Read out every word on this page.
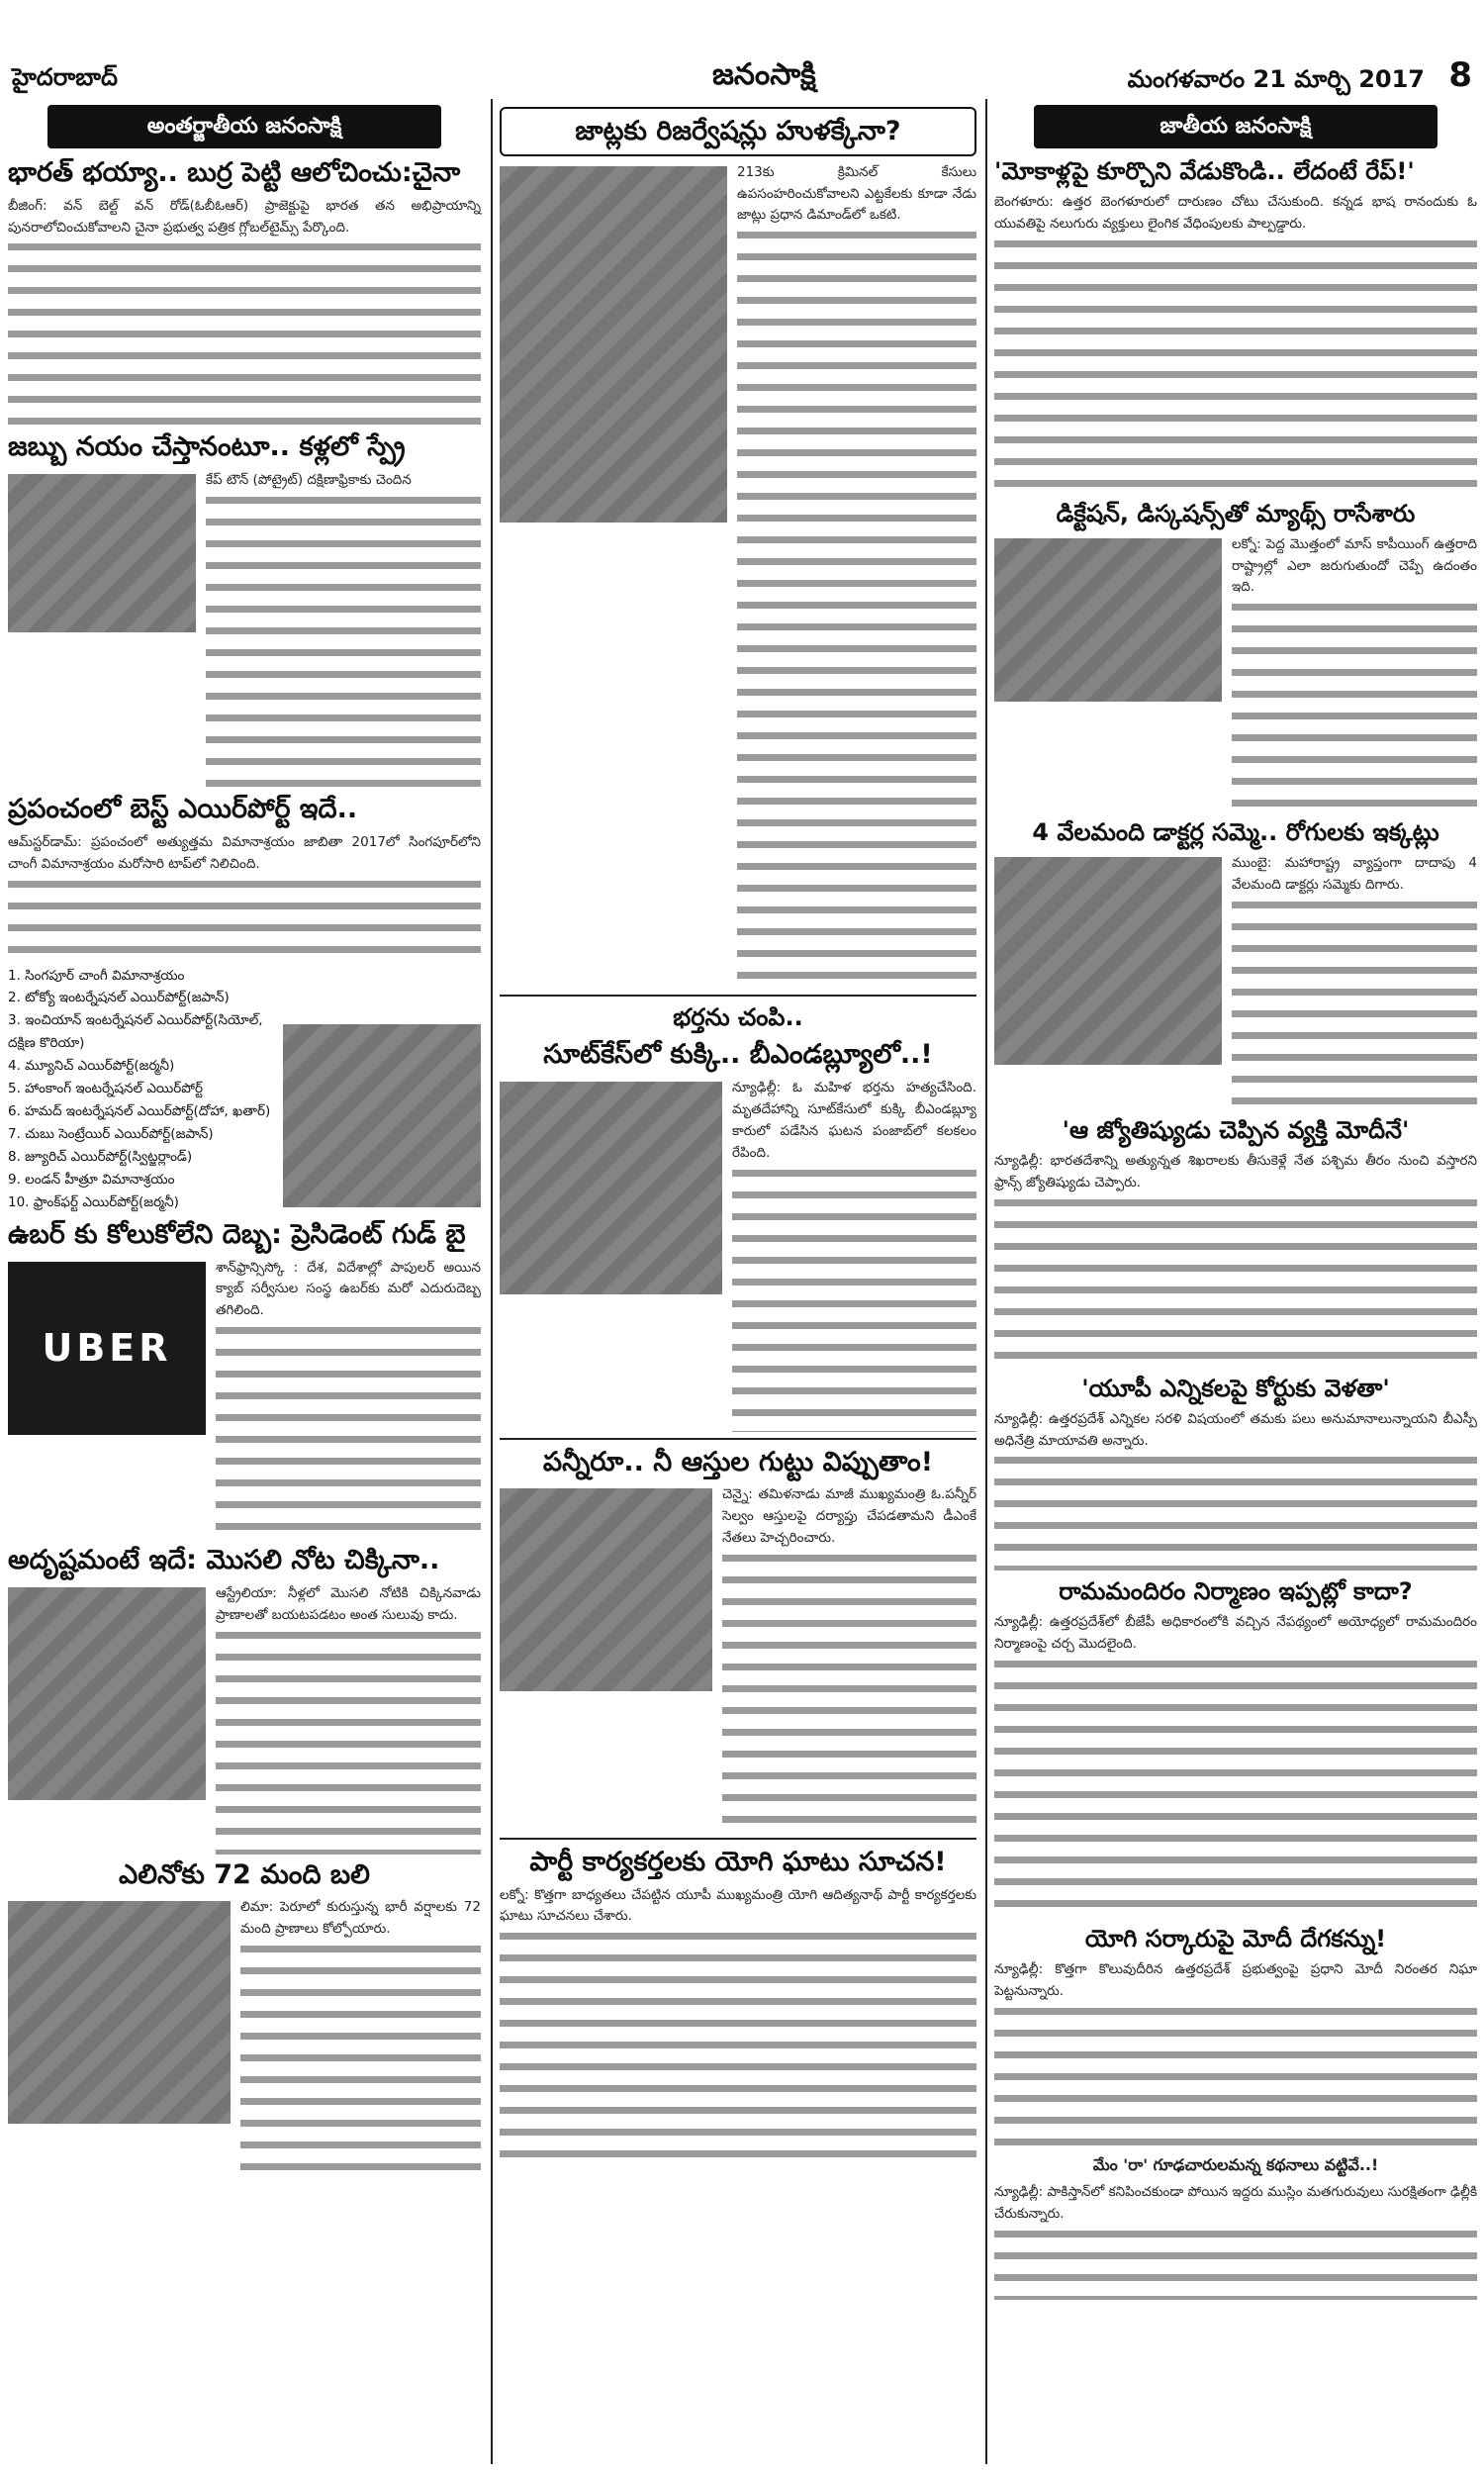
హైదరాబాద్	జనంసాక్షి	మంగళవారం 21 మార్చి 2017 8
అంతర్జాతీయ జనంసాక్షి
భారత్‌ భయ్యా.. బుర్ర పెట్టి ఆలోచించు:చైనా
బీజింగ్‌: వన్‌ బెల్ట్‌ వన్‌ రోడ్‌(ఓబీఓఆర్‌) ప్రాజెక్టుపై భారత తన అభిప్రాయాన్ని పునరాలోచించుకోవాలని చైనా ప్రభుత్వ పత్రిక గ్లోబల్‌టైమ్స్‌ పేర్కొంది.
జబ్బు నయం చేస్తానంటూ.. కళ్లలో స్ప్రే
కేప్‌ టౌన్‌ (పోట్రైట్‌) దక్షిణాఫ్రికాకు చెందిన
ప్రపంచంలో బెస్ట్‌ ఎయిర్‌పోర్ట్‌ ఇదే..
ఆమ్‌స్టర్‌డామ్‌: ప్రపంచంలో అత్యుత్తమ విమానాశ్రయం జాబితా 2017లో సింగపూర్‌లోని చాంగీ విమానాశ్రయం మరోసారి టాప్‌లో నిలిచింది.
1. సింగపూర్‌ చాంగీ విమానాశ్రయం
2. టోక్యో ఇంటర్నేషనల్‌ ఎయిర్‌పోర్ట్‌(జపాన్‌)
3. ఇంచియాన్‌ ఇంటర్నేషనల్‌ ఎయిర్‌పోర్ట్‌(సియోల్‌, దక్షిణ కొరియా)
4. మ్యూనిచ్‌ ఎయిర్‌పోర్ట్‌(జర్మనీ)
5. హాంకాంగ్‌ ఇంటర్నేషనల్‌ ఎయిర్‌పోర్ట్‌
6. హమద్‌ ఇంటర్నేషనల్‌ ఎయిర్‌పోర్ట్‌(దోహా, ఖతార్‌)
7. చుబు సెంట్రేయిర్‌ ఎయిర్‌పోర్ట్‌(జపాన్‌)
8. జ్యూరిచ్‌ ఎయిర్‌పోర్ట్‌(స్విట్జర్లాండ్‌)
9. లండన్‌ హీత్రూ విమానాశ్రయం
10. ఫ్రాంక్‌ఫర్ట్‌ ఎయిర్‌పోర్ట్‌(జర్మనీ)
ఉబర్‌ కు కోలుకోలేని దెబ్బ: ప్రెసిడెంట్‌ గుడ్‌ బై
UBER
శాన్‌ఫ్రాన్సిస్కో : దేశ, విదేశాల్లో పాపులర్‌ అయిన క్యాబ్‌ సర్వీసుల సంస్థ ఉబర్‌కు మరో ఎదురుదెబ్బ తగిలింది.
అదృష్టమంటే ఇదే: మొసలి నోట చిక్కినా..
ఆస్ట్రేలియా: నీళ్లలో మొసలి నోటికి చిక్కినవాడు ప్రాణాలతో బయటపడటం అంత సులువు కాదు.
ఎలినోకు 72 మంది బలి
లిమా: పెరూలో కురుస్తున్న భారీ వర్షాలకు 72 మంది ప్రాణాలు కోల్పోయారు.
జాట్లకు రిజర్వేషన్లు హుళక్కేనా?
213కు క్రిమినల్‌ కేసులు ఉపసంహరించుకోవాలని ఎట్టకేలకు కూడా నేడు జాట్లు ప్రధాన డిమాండ్‌లో ఒకటి.
భర్తను చంపి..
సూట్‌కేస్‌లో కుక్కి.. బీఎండబ్ల్యూలో..!
న్యూఢిల్లీ: ఓ మహిళ భర్తను హత్యచేసింది. మృతదేహాన్ని సూట్‌కేసులో కుక్కి బీఎండబ్ల్యూ కారులో పడేసిన ఘటన పంజాబ్‌లో కలకలం రేపింది.
పన్నీరూ.. నీ ఆస్తుల గుట్టు విప్పుతాం!
చెన్నై: తమిళనాడు మాజీ ముఖ్యమంత్రి ఓ.పన్నీర్‌ సెల్వం ఆస్తులపై దర్యాప్తు చేపడతామని డీఎంకే నేతలు హెచ్చరించారు.
పార్టీ కార్యకర్తలకు యోగి ఘాటు సూచన!
లక్నో: కొత్తగా బాధ్యతలు చేపట్టిన యూపీ ముఖ్యమంత్రి యోగి ఆదిత్యనాథ్‌ పార్టీ కార్యకర్తలకు ఘాటు సూచనలు చేశారు.
జాతీయ జనంసాక్షి
'మోకాళ్లపై కూర్చొని వేడుకొండి.. లేదంటే రేప్‌!'
బెంగళూరు: ఉత్తర బెంగళూరులో దారుణం చోటు చేసుకుంది. కన్నడ భాష రానందుకు ఓ యువతిపై నలుగురు వ్యక్తులు లైంగిక వేధింపులకు పాల్పడ్డారు.
డిక్టేషన్‌, డిస్కషన్స్‌తో మ్యాథ్స్‌ రాసేశారు
లక్నో: పెద్ద మొత్తంలో మాస్‌ కాపీయింగ్‌ ఉత్తరాది రాష్ట్రాల్లో ఎలా జరుగుతుందో చెప్పే ఉదంతం ఇది.
4 వేలమంది డాక్టర్ల సమ్మె.. రోగులకు ఇక్కట్లు
ముంబై: మహారాష్ట్ర వ్యాప్తంగా దాదాపు 4 వేలమంది డాక్టర్లు సమ్మెకు దిగారు.
'ఆ జ్యోతిష్యుడు చెప్పిన వ్యక్తి మోదీనే'
న్యూఢిల్లీ: భారతదేశాన్ని అత్యున్నత శిఖరాలకు తీసుకెళ్లే నేత పశ్చిమ తీరం నుంచి వస్తారని ఫ్రాన్స్‌ జ్యోతిష్యుడు చెప్పారు.
'యూపీ ఎన్నికలపై కోర్టుకు వెళతా'
న్యూఢిల్లీ: ఉత్తరప్రదేశ్‌ ఎన్నికల సరళి విషయంలో తమకు పలు అనుమానాలున్నాయని బీఎస్పీ అధినేత్రి మాయావతి అన్నారు.
రామమందిరం నిర్మాణం ఇప్పట్లో కాదా?
న్యూఢిల్లీ: ఉత్తరప్రదేశ్‌లో బీజేపీ అధికారంలోకి వచ్చిన నేపథ్యంలో అయోధ్యలో రామమందిరం నిర్మాణంపై చర్చ మొదలైంది.
యోగి సర్కారుపై మోదీ దేగకన్ను!
న్యూఢిల్లీ: కొత్తగా కొలువుదీరిన ఉత్తరప్రదేశ్‌ ప్రభుత్వంపై ప్రధాని మోదీ నిరంతర నిఘా పెట్టనున్నారు.
మేం 'రా' గూఢచారులమన్న కథనాలు వట్టివే..!
న్యూఢిల్లీ: పాకిస్తాన్‌లో కనిపించకుండా పోయిన ఇద్దరు ముస్లిం మతగురువులు సురక్షితంగా ఢిల్లీకి చేరుకున్నారు.
